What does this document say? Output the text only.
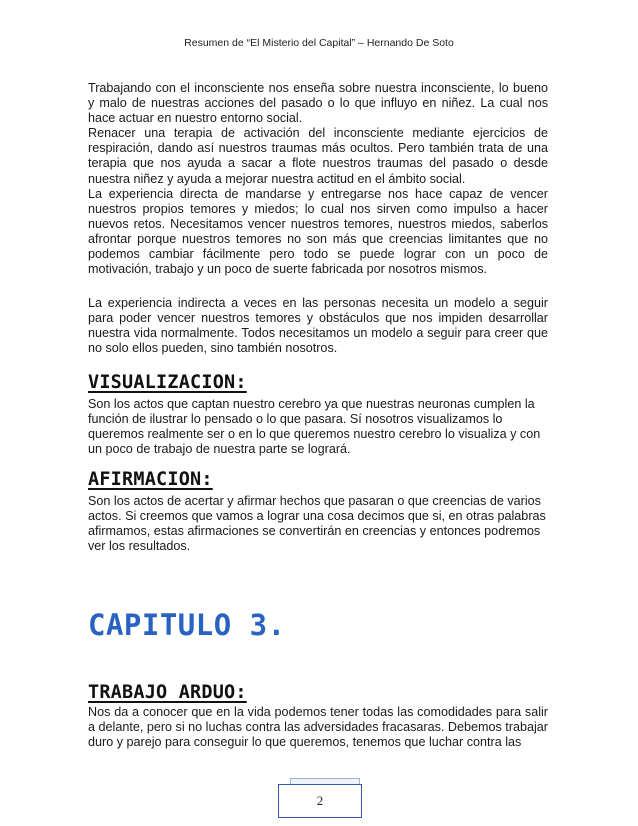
Resumen de “El Misterio del Capital” – Hernando De Soto

Trabajando con el inconsciente nos enseña sobre nuestra inconsciente, lo bueno y malo de nuestras acciones del pasado o lo que influyo en niñez. La cual nos hace actuar en nuestro entorno social.

Renacer una terapia de activación del inconsciente mediante ejercicios de respiración, dando así nuestros traumas más ocultos. Pero también trata de una terapia que nos ayuda a sacar a flote nuestros traumas del pasado o desde nuestra niñez y ayuda a mejorar nuestra actitud en el ámbito social.

La experiencia directa de mandarse y entregarse nos hace capaz de vencer nuestros propios temores y miedos; lo cual nos sirven como impulso a hacer nuevos retos. Necesitamos vencer nuestros temores, nuestros miedos, saberlos afrontar porque nuestros temores no son más que creencias limitantes que no podemos cambiar fácilmente pero todo se puede lograr con un poco de motivación, trabajo y un poco de suerte fabricada por nosotros mismos.

La experiencia indirecta a veces en las personas necesita un modelo a seguir para poder vencer nuestros temores y obstáculos que nos impiden desarrollar nuestra vida normalmente. Todos necesitamos un modelo a seguir para creer que no solo ellos pueden, sino también nosotros.

VISUALIZACION:

Son los actos que captan nuestro cerebro ya que nuestras neuronas cumplen la función de ilustrar lo pensado o lo que pasara. Sí nosotros visualizamos lo queremos realmente ser o en lo que queremos nuestro cerebro lo visualiza y con un poco de trabajo de nuestra parte se logrará.

AFIRMACION:

Son los actos de acertar y afirmar hechos que pasaran o que creencias de varios actos. Si creemos que vamos a lograr una cosa decimos que si, en otras palabras afirmamos, estas afirmaciones se convertirán en creencias y entonces podremos ver los resultados.

CAPITULO 3.
TRABAJO ARDUO:

Nos da a conocer que en la vida podemos tener todas las comodidades para salir a delante, pero si no luchas contra las adversidades fracasaras. Debemos trabajar duro y parejo para conseguir lo que queremos, tenemos que luchar contra las

2
